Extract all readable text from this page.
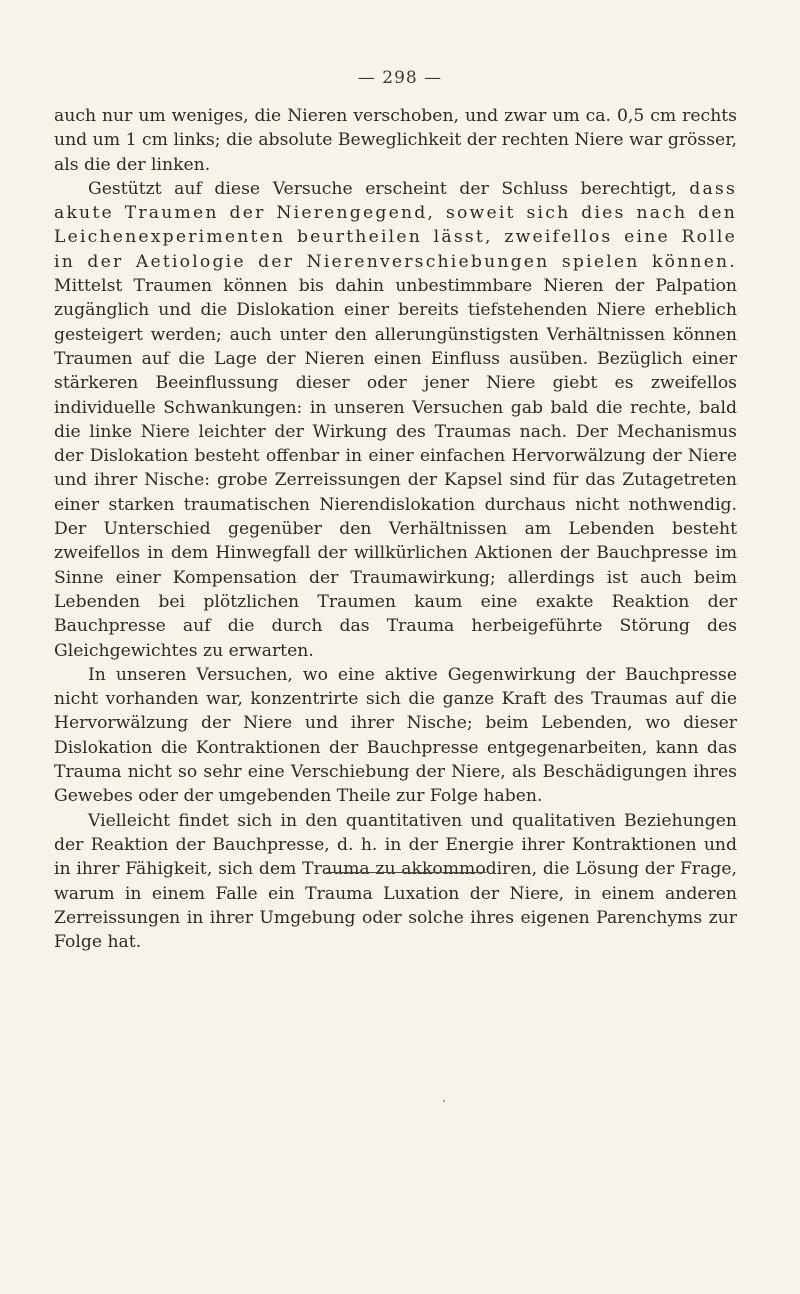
— 298 —

auch nur um weniges, die Nieren verschoben, und zwar um ca. 0,5 cm rechts und um 1 cm links; die absolute Beweglichkeit der rechten Niere war grösser, als die der linken.

Gestützt auf diese Versuche erscheint der Schluss berechtigt, dass akute Traumen der Nierengegend, soweit sich dies nach den Leichenexperimenten beurtheilen lässt, zweifellos eine Rolle in der Aetiologie der Nierenverschiebungen spielen können. Mittelst Traumen können bis dahin unbestimmbare Nieren der Palpation zugänglich und die Dislokation einer bereits tiefstehenden Niere erheblich gesteigert werden; auch unter den allerungünstigsten Verhältnissen können Traumen auf die Lage der Nieren einen Einfluss ausüben. Bezüglich einer stärkeren Beeinflussung dieser oder jener Niere giebt es zweifellos individuelle Schwankungen: in unseren Versuchen gab bald die rechte, bald die linke Niere leichter der Wirkung des Traumas nach. Der Mechanismus der Dislokation besteht offenbar in einer einfachen Hervorwälzung der Niere und ihrer Nische: grobe Zerreissungen der Kapsel sind für das Zutagetreten einer starken traumatischen Nierendislokation durchaus nicht nothwendig. Der Unterschied gegenüber den Verhältnissen am Lebenden besteht zweifellos in dem Hinwegfall der willkürlichen Aktionen der Bauchpresse im Sinne einer Kompensation der Traumawirkung; allerdings ist auch beim Lebenden bei plötzlichen Traumen kaum eine exakte Reaktion der Bauchpresse auf die durch das Trauma herbeigeführte Störung des Gleichgewichtes zu erwarten.

In unseren Versuchen, wo eine aktive Gegenwirkung der Bauchpresse nicht vorhanden war, konzentrirte sich die ganze Kraft des Traumas auf die Hervorwälzung der Niere und ihrer Nische; beim Lebenden, wo dieser Dislokation die Kontraktionen der Bauchpresse entgegenarbeiten, kann das Trauma nicht so sehr eine Verschiebung der Niere, als Beschädigungen ihres Gewebes oder der umgebenden Theile zur Folge haben.

Vielleicht findet sich in den quantitativen und qualitativen Beziehungen der Reaktion der Bauchpresse, d. h. in der Energie ihrer Kontraktionen und in ihrer Fähigkeit, sich dem Trauma zu akkommodiren, die Lösung der Frage, warum in einem Falle ein Trauma Luxation der Niere, in einem anderen Zerreissungen in ihrer Umgebung oder solche ihres eigenen Parenchyms zur Folge hat.
